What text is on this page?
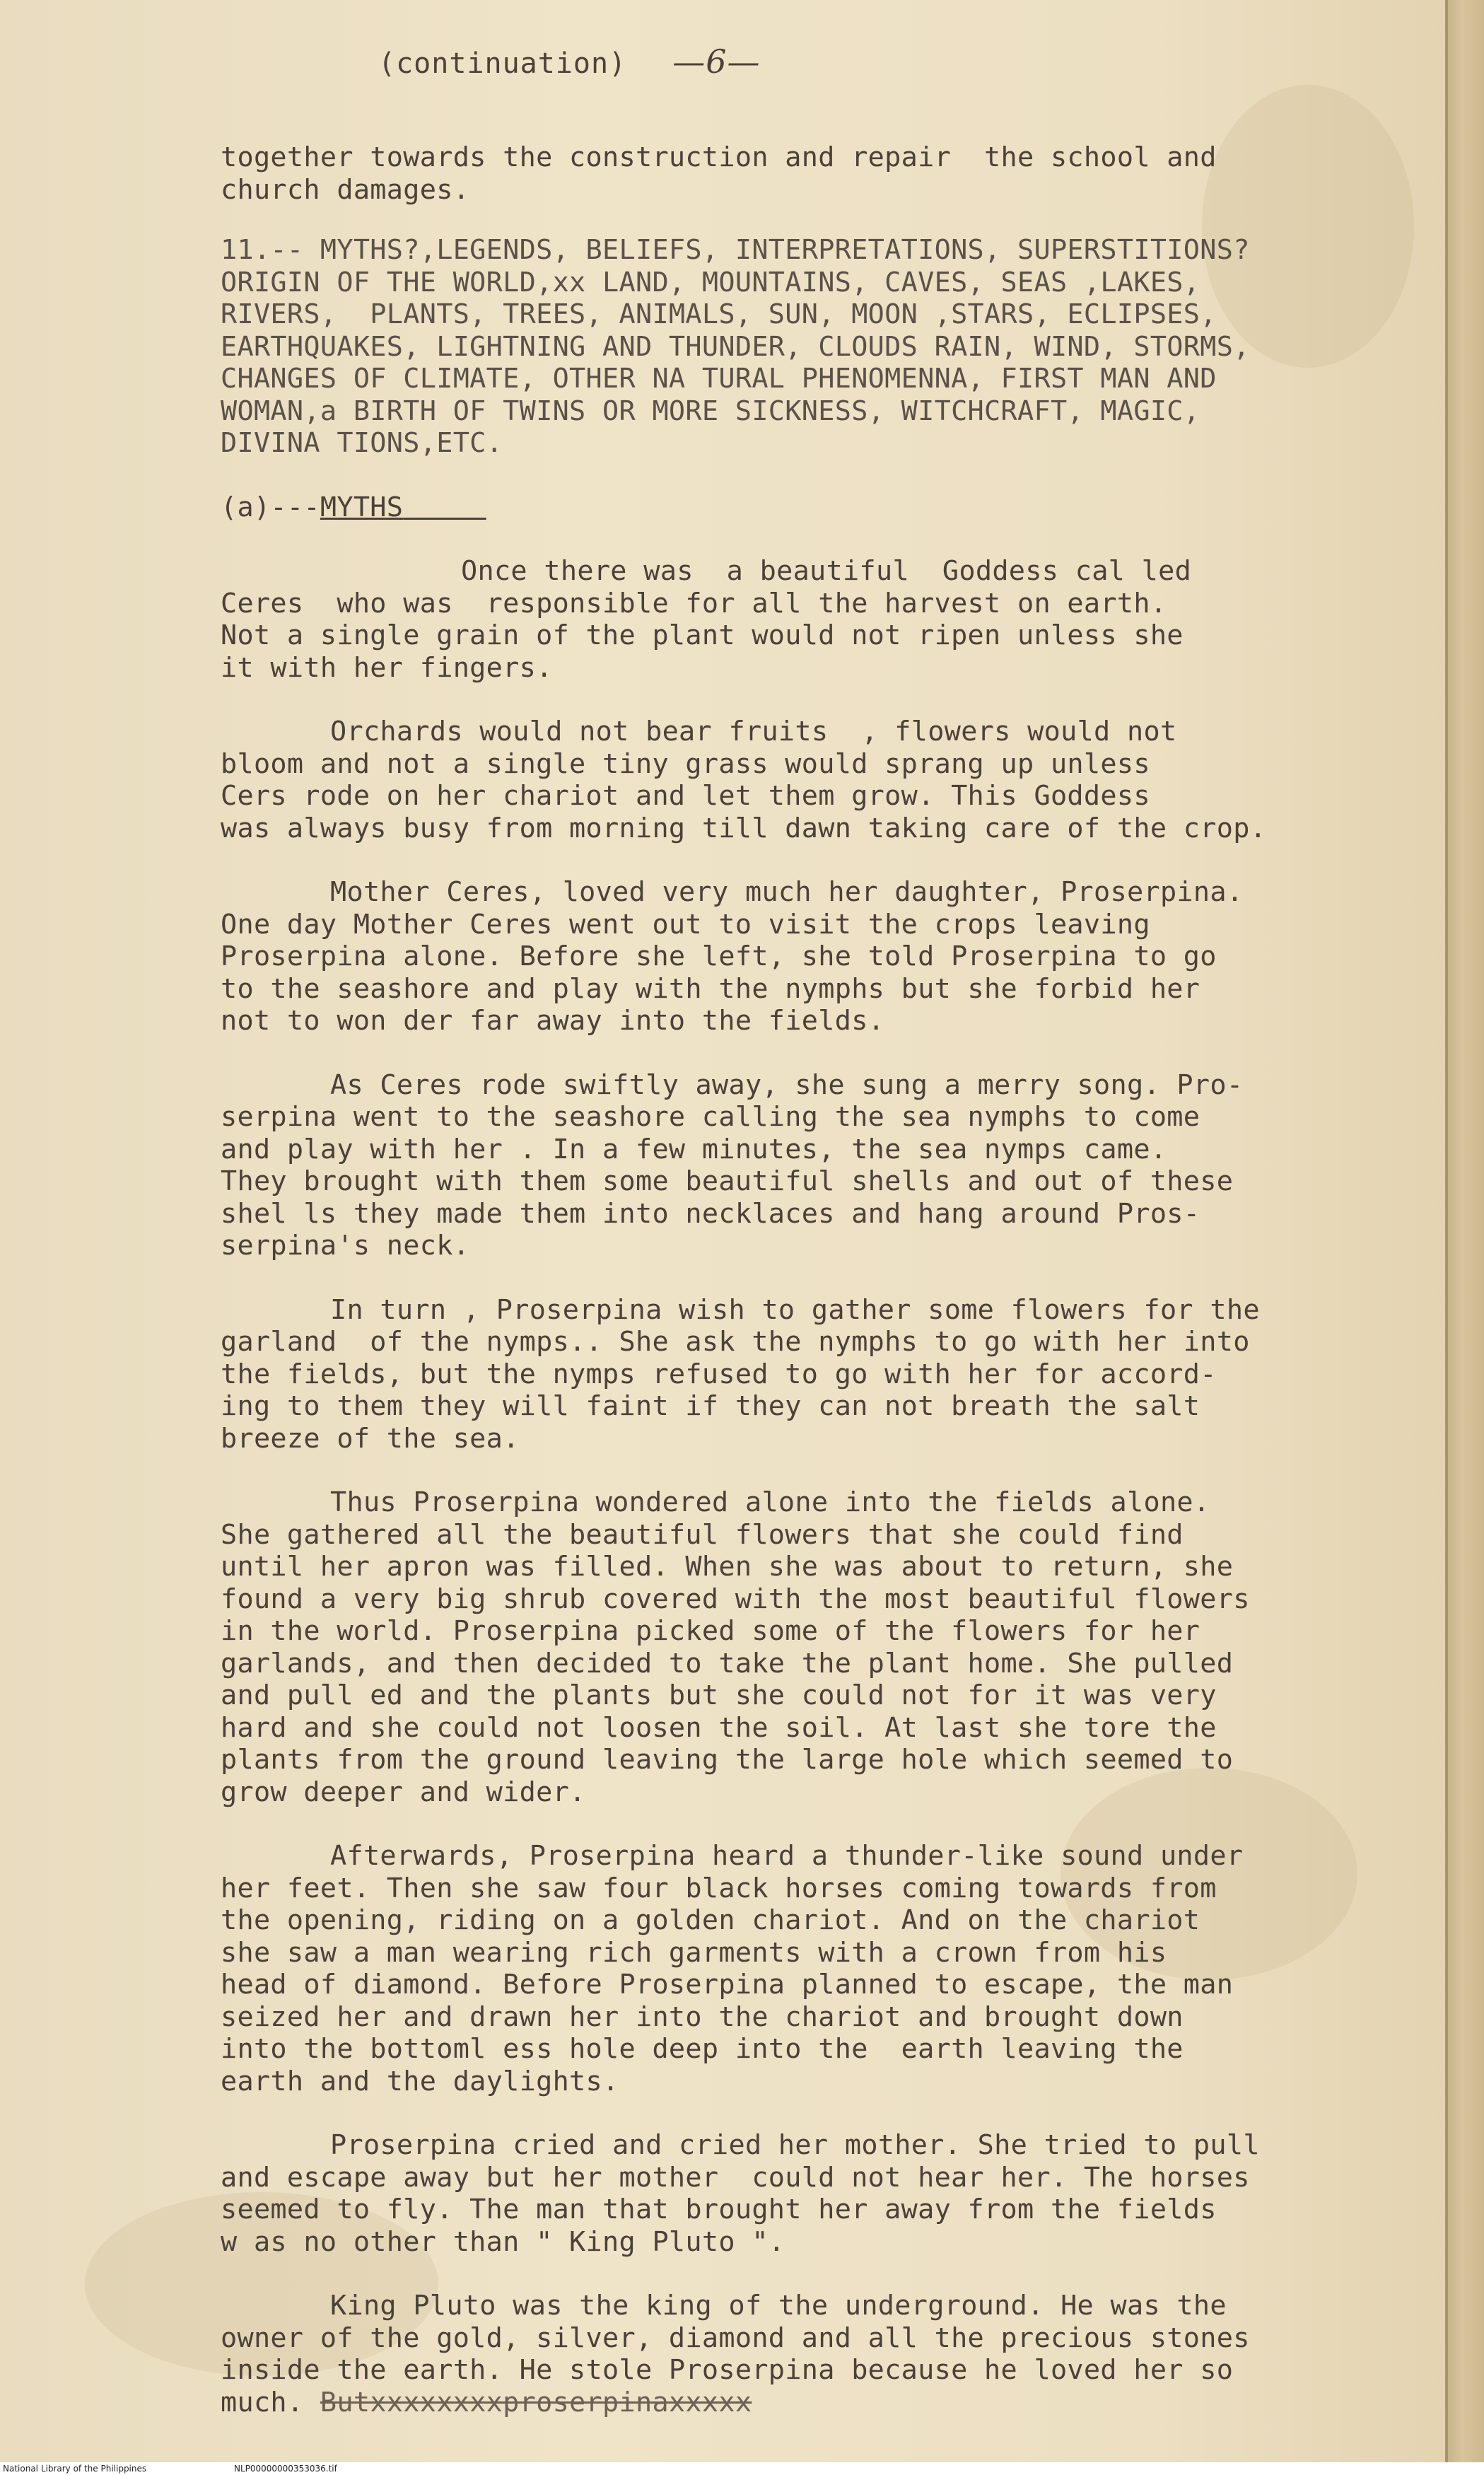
(continuation) —6—

together towards the construction and repair  the school and
church damages.

11.-- MYTHS?,LEGENDS, BELIEFS, INTERPRETATIONS, SUPERSTITIONS?
ORIGIN OF THE WORLD,xx LAND, MOUNTAINS, CAVES, SEAS ,LAKES,
RIVERS,  PLANTS, TREES, ANIMALS, SUN, MOON ,STARS, ECLIPSES,
EARTHQUAKES, LIGHTNING AND THUNDER, CLOUDS RAIN, WIND, STORMS,
CHANGES OF CLIMATE, OTHER NA TURAL PHENOMENNA, FIRST MAN AND
WOMAN,a BIRTH OF TWINS OR MORE SICKNESS, WITCHCRAFT, MAGIC,
DIVINA TIONS,ETC.

(a)---MYTHS

Once there was  a beautiful  Goddess cal led
Ceres  who was  responsible for all the harvest on earth.
Not a single grain of the plant would not ripen unless she
it with her fingers.

Orchards would not bear fruits  , flowers would not
bloom and not a single tiny grass would sprang up unless
Cers rode on her chariot and let them grow. This Goddess
was always busy from morning till dawn taking care of the crop.

Mother Ceres, loved very much her daughter, Proserpina.
One day Mother Ceres went out to visit the crops leaving
Proserpina alone. Before she left, she told Proserpina to go
to the seashore and play with the nymphs but she forbid her
not to won der far away into the fields.

As Ceres rode swiftly away, she sung a merry song. Pro-
serpina went to the seashore calling the sea nymphs to come
and play with her . In a few minutes, the sea nymps came.
They brought with them some beautiful shells and out of these
shel ls they made them into necklaces and hang around Pros-
serpina's neck.

In turn , Proserpina wish to gather some flowers for the
garland  of the nymps.. She ask the nymphs to go with her into
the fields, but the nymps refused to go with her for accord-
ing to them they will faint if they can not breath the salt
breeze of the sea.

Thus Proserpina wondered alone into the fields alone.
She gathered all the beautiful flowers that she could find
until her apron was filled. When she was about to return, she
found a very big shrub covered with the most beautiful flowers
in the world. Proserpina picked some of the flowers for her
garlands, and then decided to take the plant home. She pulled
and pull ed and the plants but she could not for it was very
hard and she could not loosen the soil. At last she tore the
plants from the ground leaving the large hole which seemed to
grow deeper and wider.

Afterwards, Proserpina heard a thunder-like sound under
her feet. Then she saw four black horses coming towards from
the opening, riding on a golden chariot. And on the chariot
she saw a man wearing rich garments with a crown from his
head of diamond. Before Proserpina planned to escape, the man
seized her and drawn her into the chariot and brought down
into the bottoml ess hole deep into the  earth leaving the
earth and the daylights.

Proserpina cried and cried her mother. She tried to pull
and escape away but her mother  could not hear her. The horses
seemed to fly. The man that brought her away from the fields
w as no other than " King Pluto ".

King Pluto was the king of the underground. He was the
owner of the gold, silver, diamond and all the precious stones
inside the earth. He stole Proserpina because he loved her so
much. Butxxxxxxxxproserpinaxxxxx

National Library of the Philippines	NLP00000000353036.tif
